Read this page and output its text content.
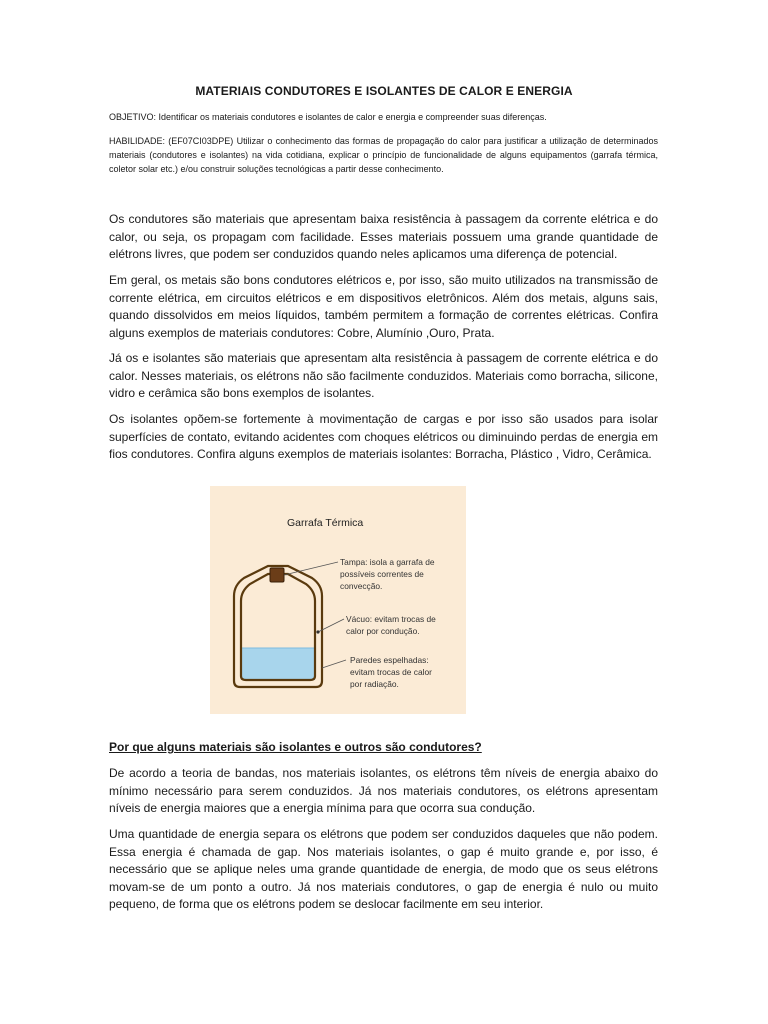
MATERIAIS CONDUTORES E ISOLANTES DE CALOR E ENERGIA
OBJETIVO: Identificar os materiais condutores e isolantes de calor e energia e compreender suas diferenças.
HABILIDADE: (EF07CI03DPE) Utilizar o conhecimento das formas de propagação do calor para justificar a utilização de determinados materiais (condutores e isolantes) na vida cotidiana, explicar o princípio de funcionalidade de alguns equipamentos (garrafa térmica, coletor solar etc.) e/ou construir soluções tecnológicas a partir desse conhecimento.

Os condutores são materiais que apresentam baixa resistência à passagem da corrente elétrica e do calor, ou seja, os propagam com facilidade. Esses materiais possuem uma grande quantidade de elétrons livres, que podem ser conduzidos quando neles aplicamos uma diferença de potencial.

Em geral, os metais são bons condutores elétricos e, por isso, são muito utilizados na transmissão de corrente elétrica, em circuitos elétricos e em dispositivos eletrônicos. Além dos metais, alguns sais, quando dissolvidos em meios líquidos, também permitem a formação de correntes elétricas. Confira alguns exemplos de materiais condutores: Cobre, Alumínio ,Ouro, Prata.

Já os e isolantes são materiais que apresentam alta resistência à passagem de corrente elétrica e do calor. Nesses materiais, os elétrons não são facilmente conduzidos. Materiais como borracha, silicone, vidro e cerâmica são bons exemplos de isolantes.

Os isolantes opõem-se fortemente à movimentação de cargas e por isso são usados para isolar superfícies de contato, evitando acidentes com choques elétricos ou diminuindo perdas de energia em fios condutores. Confira alguns exemplos de materiais isolantes: Borracha, Plástico , Vidro, Cerâmica.

Garrafa Térmica
Tampa: isola a garrafa de
possíveis correntes de
convecção.
Vácuo: evitam trocas de
calor por condução.
Paredes espelhadas:
evitam trocas de calor
por radiação.
Por que alguns materiais são isolantes e outros são condutores?

De acordo a teoria de bandas, nos materiais isolantes, os elétrons têm níveis de energia abaixo do mínimo necessário para serem conduzidos. Já nos materiais condutores, os elétrons apresentam níveis de energia maiores que a energia mínima para que ocorra sua condução.

Uma quantidade de energia separa os elétrons que podem ser conduzidos daqueles que não podem. Essa energia é chamada de gap. Nos materiais isolantes, o gap é muito grande e, por isso, é necessário que se aplique neles uma grande quantidade de energia, de modo que os seus elétrons movam-se de um ponto a outro. Já nos materiais condutores, o gap de energia é nulo ou muito pequeno, de forma que os elétrons podem se deslocar facilmente em seu interior.
